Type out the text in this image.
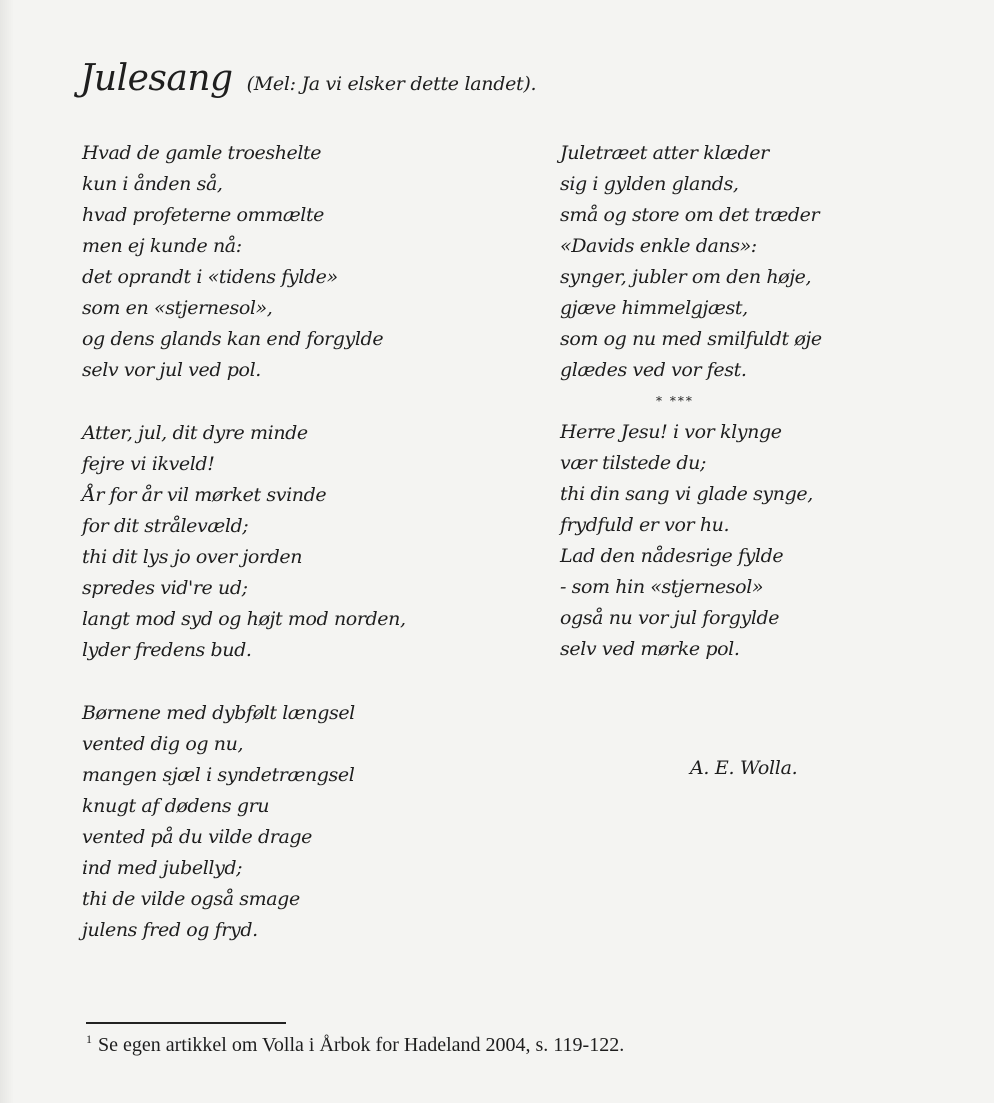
Julesang (Mel: Ja vi elsker dette landet).
Hvad de gamle troeshelte
kun i ånden så,
hvad profeterne ommælte
men ej kunde nå:
det oprandt i «tidens fylde»
som en «stjernesol»,
og dens glands kan end forgylde
selv vor jul ved pol.
Atter, jul, dit dyre minde
fejre vi ikveld!
År for år vil mørket svinde
for dit strålevæld;
thi dit lys jo over jorden
spredes vid're ud;
langt mod syd og højt mod norden,
lyder fredens bud.
Børnene med dybfølt længsel
vented dig og nu,
mangen sjæl i syndetrængsel
knugt af dødens gru
vented på du vilde drage
ind med jubellyd;
thi de vilde også smage
julens fred og fryd.
Juletræet atter klæder
sig i gylden glands,
små og store om det træder
«Davids enkle dans»:
synger, jubler om den høje,
gjæve himmelgjæst,
som og nu med smilfuldt øje
glædes ved vor fest.
* ***
Herre Jesu! i vor klynge
vær tilstede du;
thi din sang vi glade synge,
frydfuld er vor hu.
Lad den nådesrige fylde
- som hin «stjernesol»
også nu vor jul forgylde
selv ved mørke pol.
A. E. Wolla.
$^1$ Se egen artikkel om Volla i Årbok for Hadeland 2004, s. 119-122.
